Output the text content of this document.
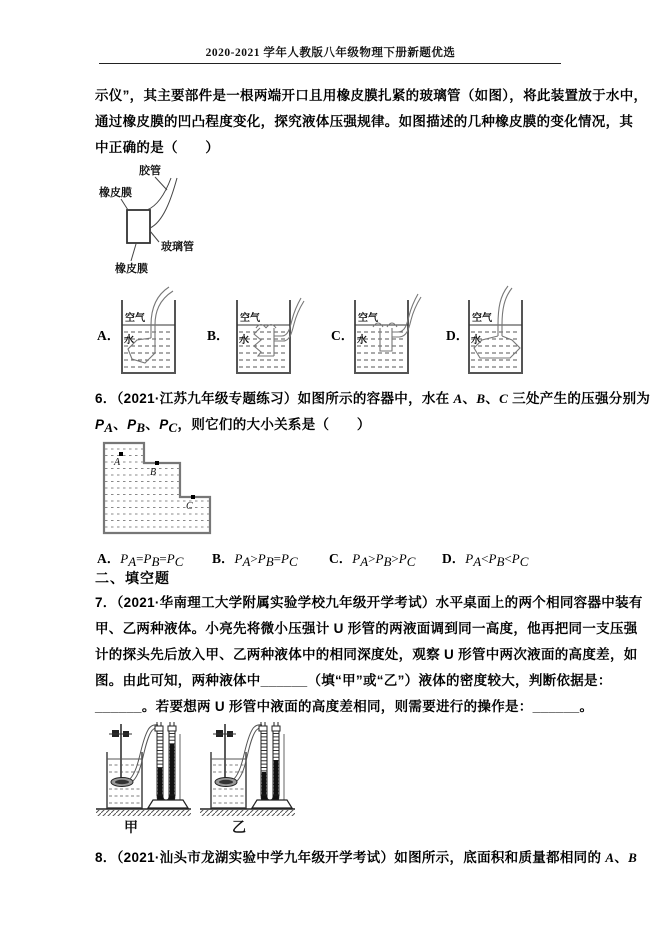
2020-2021 学年人教版八年级物理下册新题优选
示仪”，其主要部件是一根两端开口且用橡皮膜扎紧的玻璃管（如图），将此装置放于水中，
通过橡皮膜的凹凸程度变化，探究液体压强规律。如图描述的几种橡皮膜的变化情况，其
中正确的是（　　）
胶管
橡皮膜
玻璃管
橡皮膜
A．	B．	C．	D．
空气
水
空气
水
空气
水
空气
水
6．（2021·江苏九年级专题练习）如图所示的容器中，水在 A、B、C 三处产生的压强分别为
$P_A$、$P_B$、$P_C$，则它们的大小关系是（　　）
A
B
C
A．$P_A=P_B=P_C$ B．$P_A>P_B=P_C$ C．$P_A>P_B>P_C$ D．$P_A<P_B<P_C$
二、填空题
7．（2021·华南理工大学附属实验学校九年级开学考试）水平桌面上的两个相同容器中装有
甲、乙两种液体。小亮先将微小压强计 U 形管的两液面调到同一高度，他再把同一支压强
计的探头先后放入甲、乙两种液体中的相同深度处，观察 U 形管中两次液面的高度差，如
图。由此可知，两种液体中______（填“甲”或“乙”）液体的密度较大，判断依据是：
______。若要想两 U 形管中液面的高度差相同，则需要进行的操作是：______。
甲	乙
8．（2021·汕头市龙湖实验中学九年级开学考试）如图所示，底面积和质量都相同的 A、B
